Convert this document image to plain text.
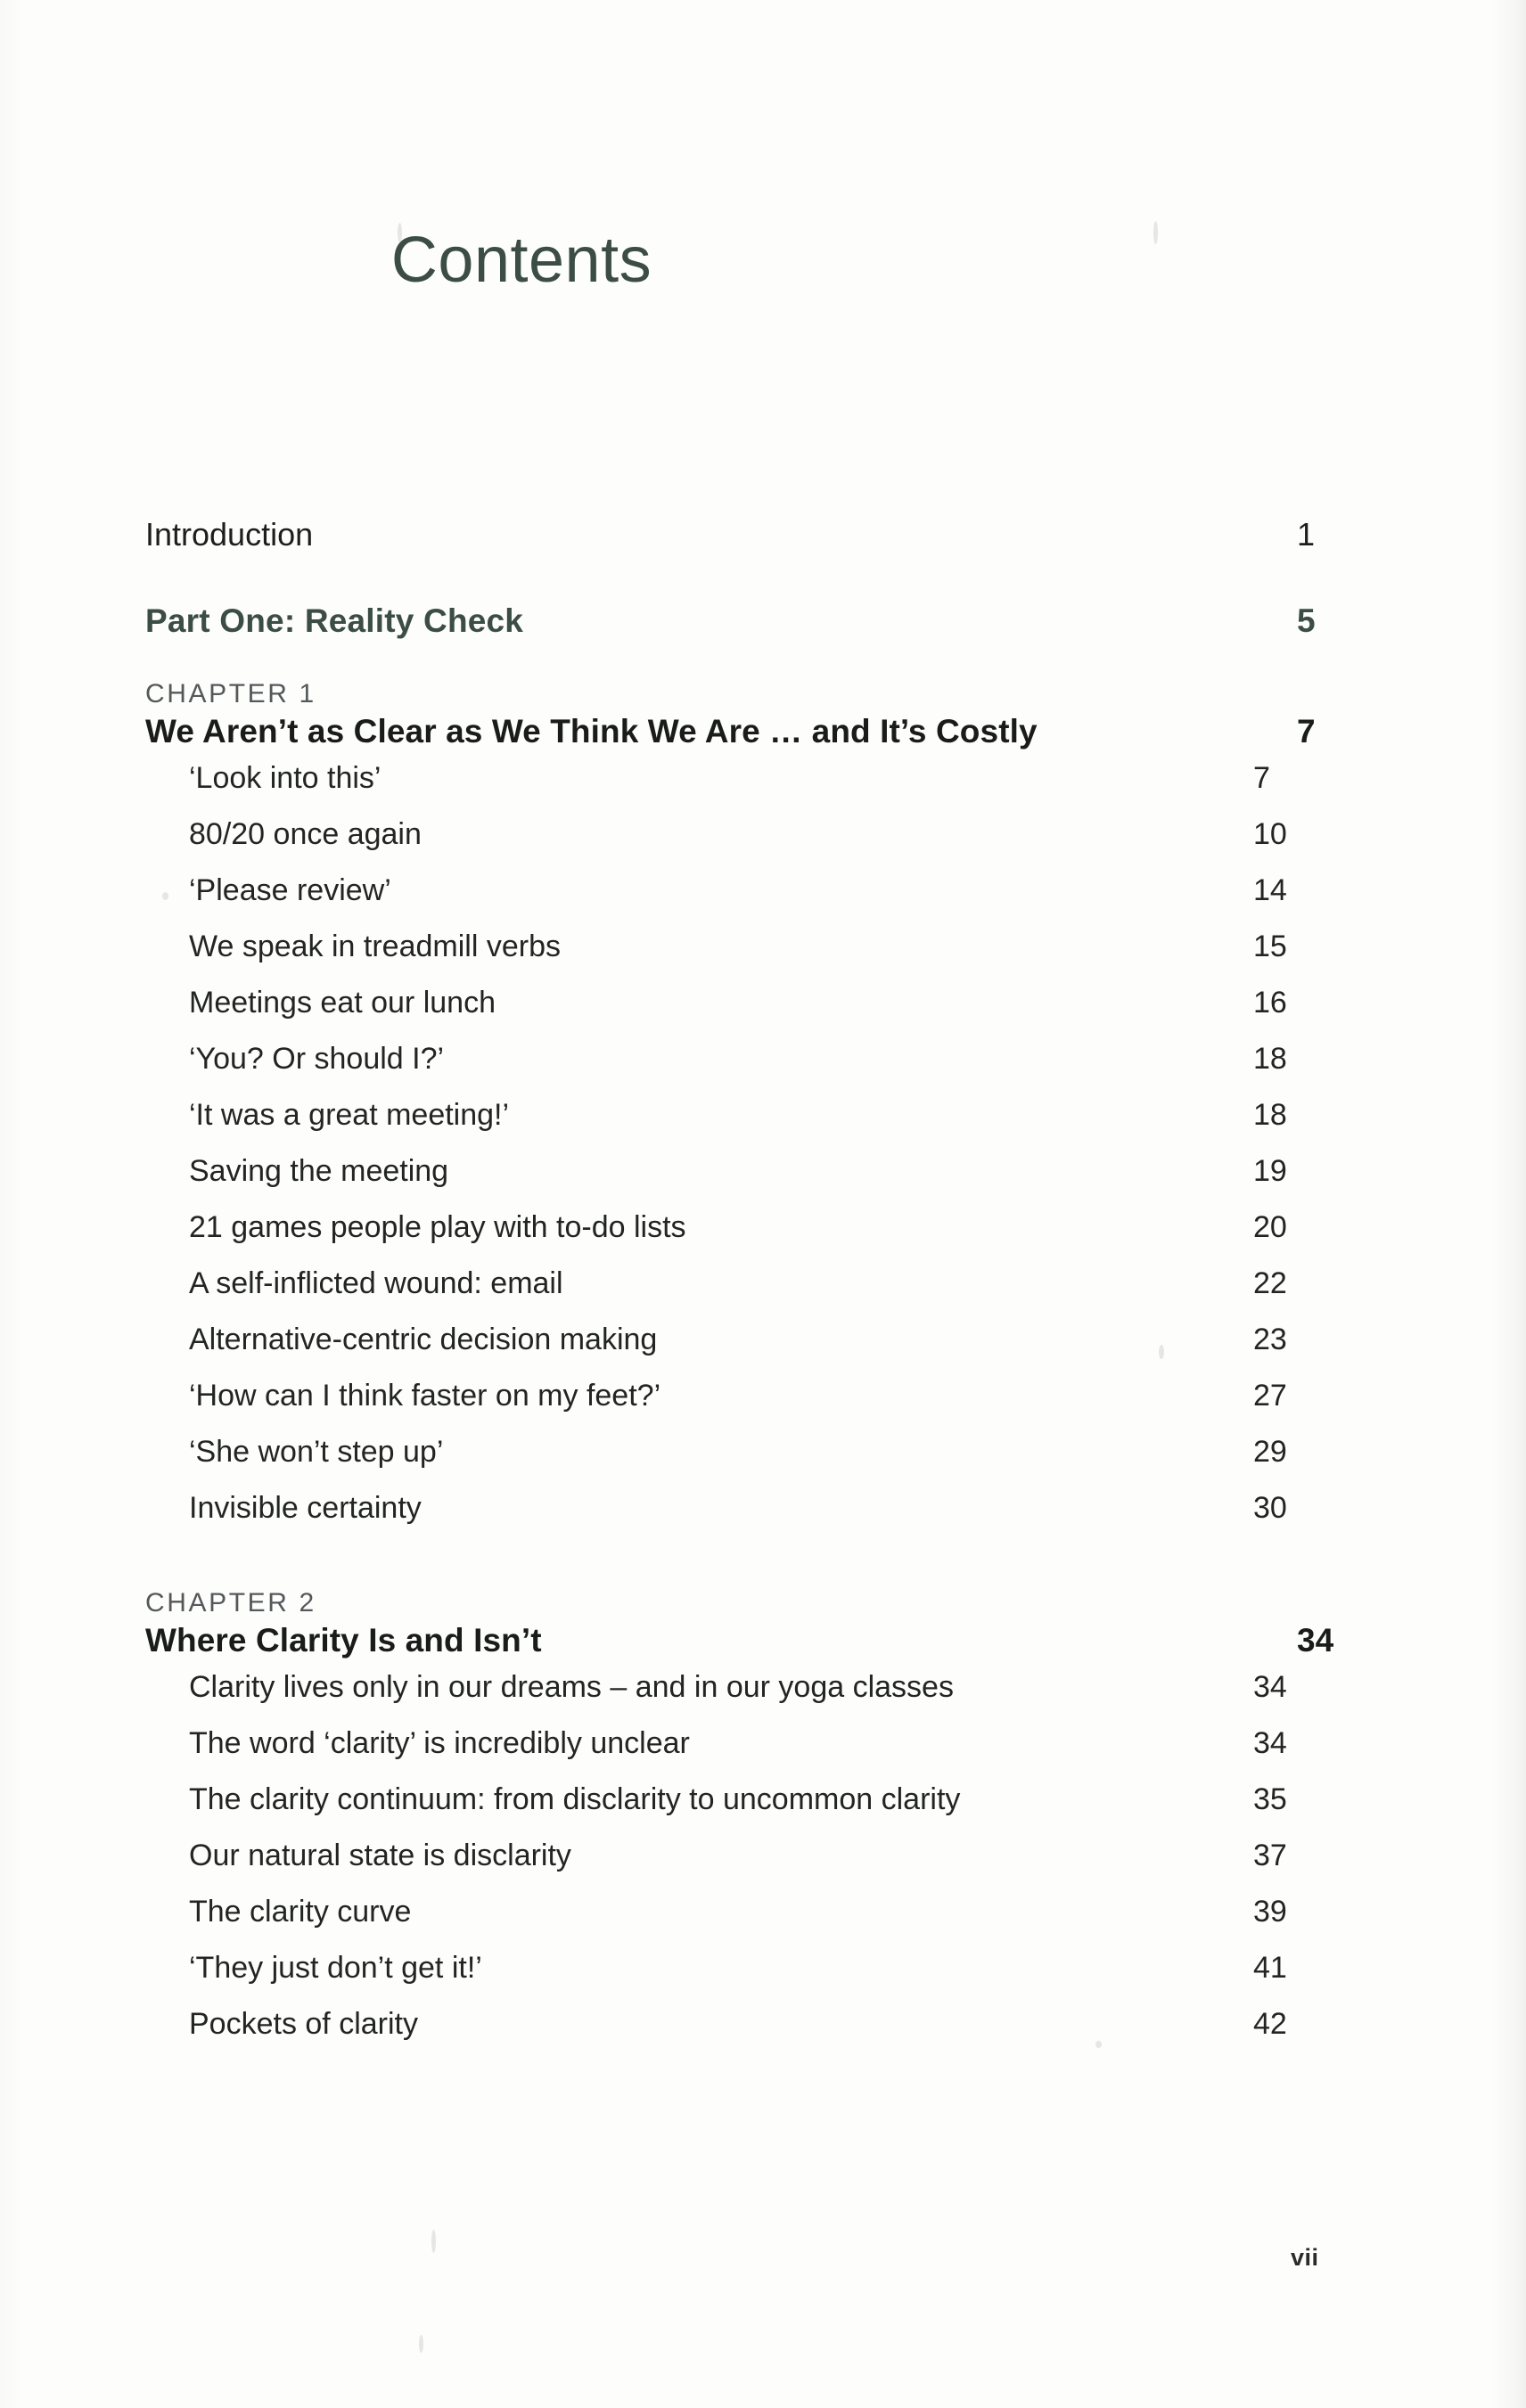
Contents
Introduction	1
Part One: Reality Check	5
CHAPTER 1
We Aren’t as Clear as We Think We Are … and It’s Costly	7
‘Look into this’	7
80/20 once again	10
‘Please review’	14
We speak in treadmill verbs	15
Meetings eat our lunch	16
‘You? Or should I?’	18
‘It was a great meeting!’	18
Saving the meeting	19
21 games people play with to-do lists	20
A self-inflicted wound: email	22
Alternative-centric decision making	23
‘How can I think faster on my feet?’	27
‘She won’t step up’	29
Invisible certainty	30
CHAPTER 2
Where Clarity Is and Isn’t	34
Clarity lives only in our dreams – and in our yoga classes	34
The word ‘clarity’ is incredibly unclear	34
The clarity continuum: from disclarity to uncommon clarity	35
Our natural state is disclarity	37
The clarity curve	39
‘They just don’t get it!’	41
Pockets of clarity	42
vii
